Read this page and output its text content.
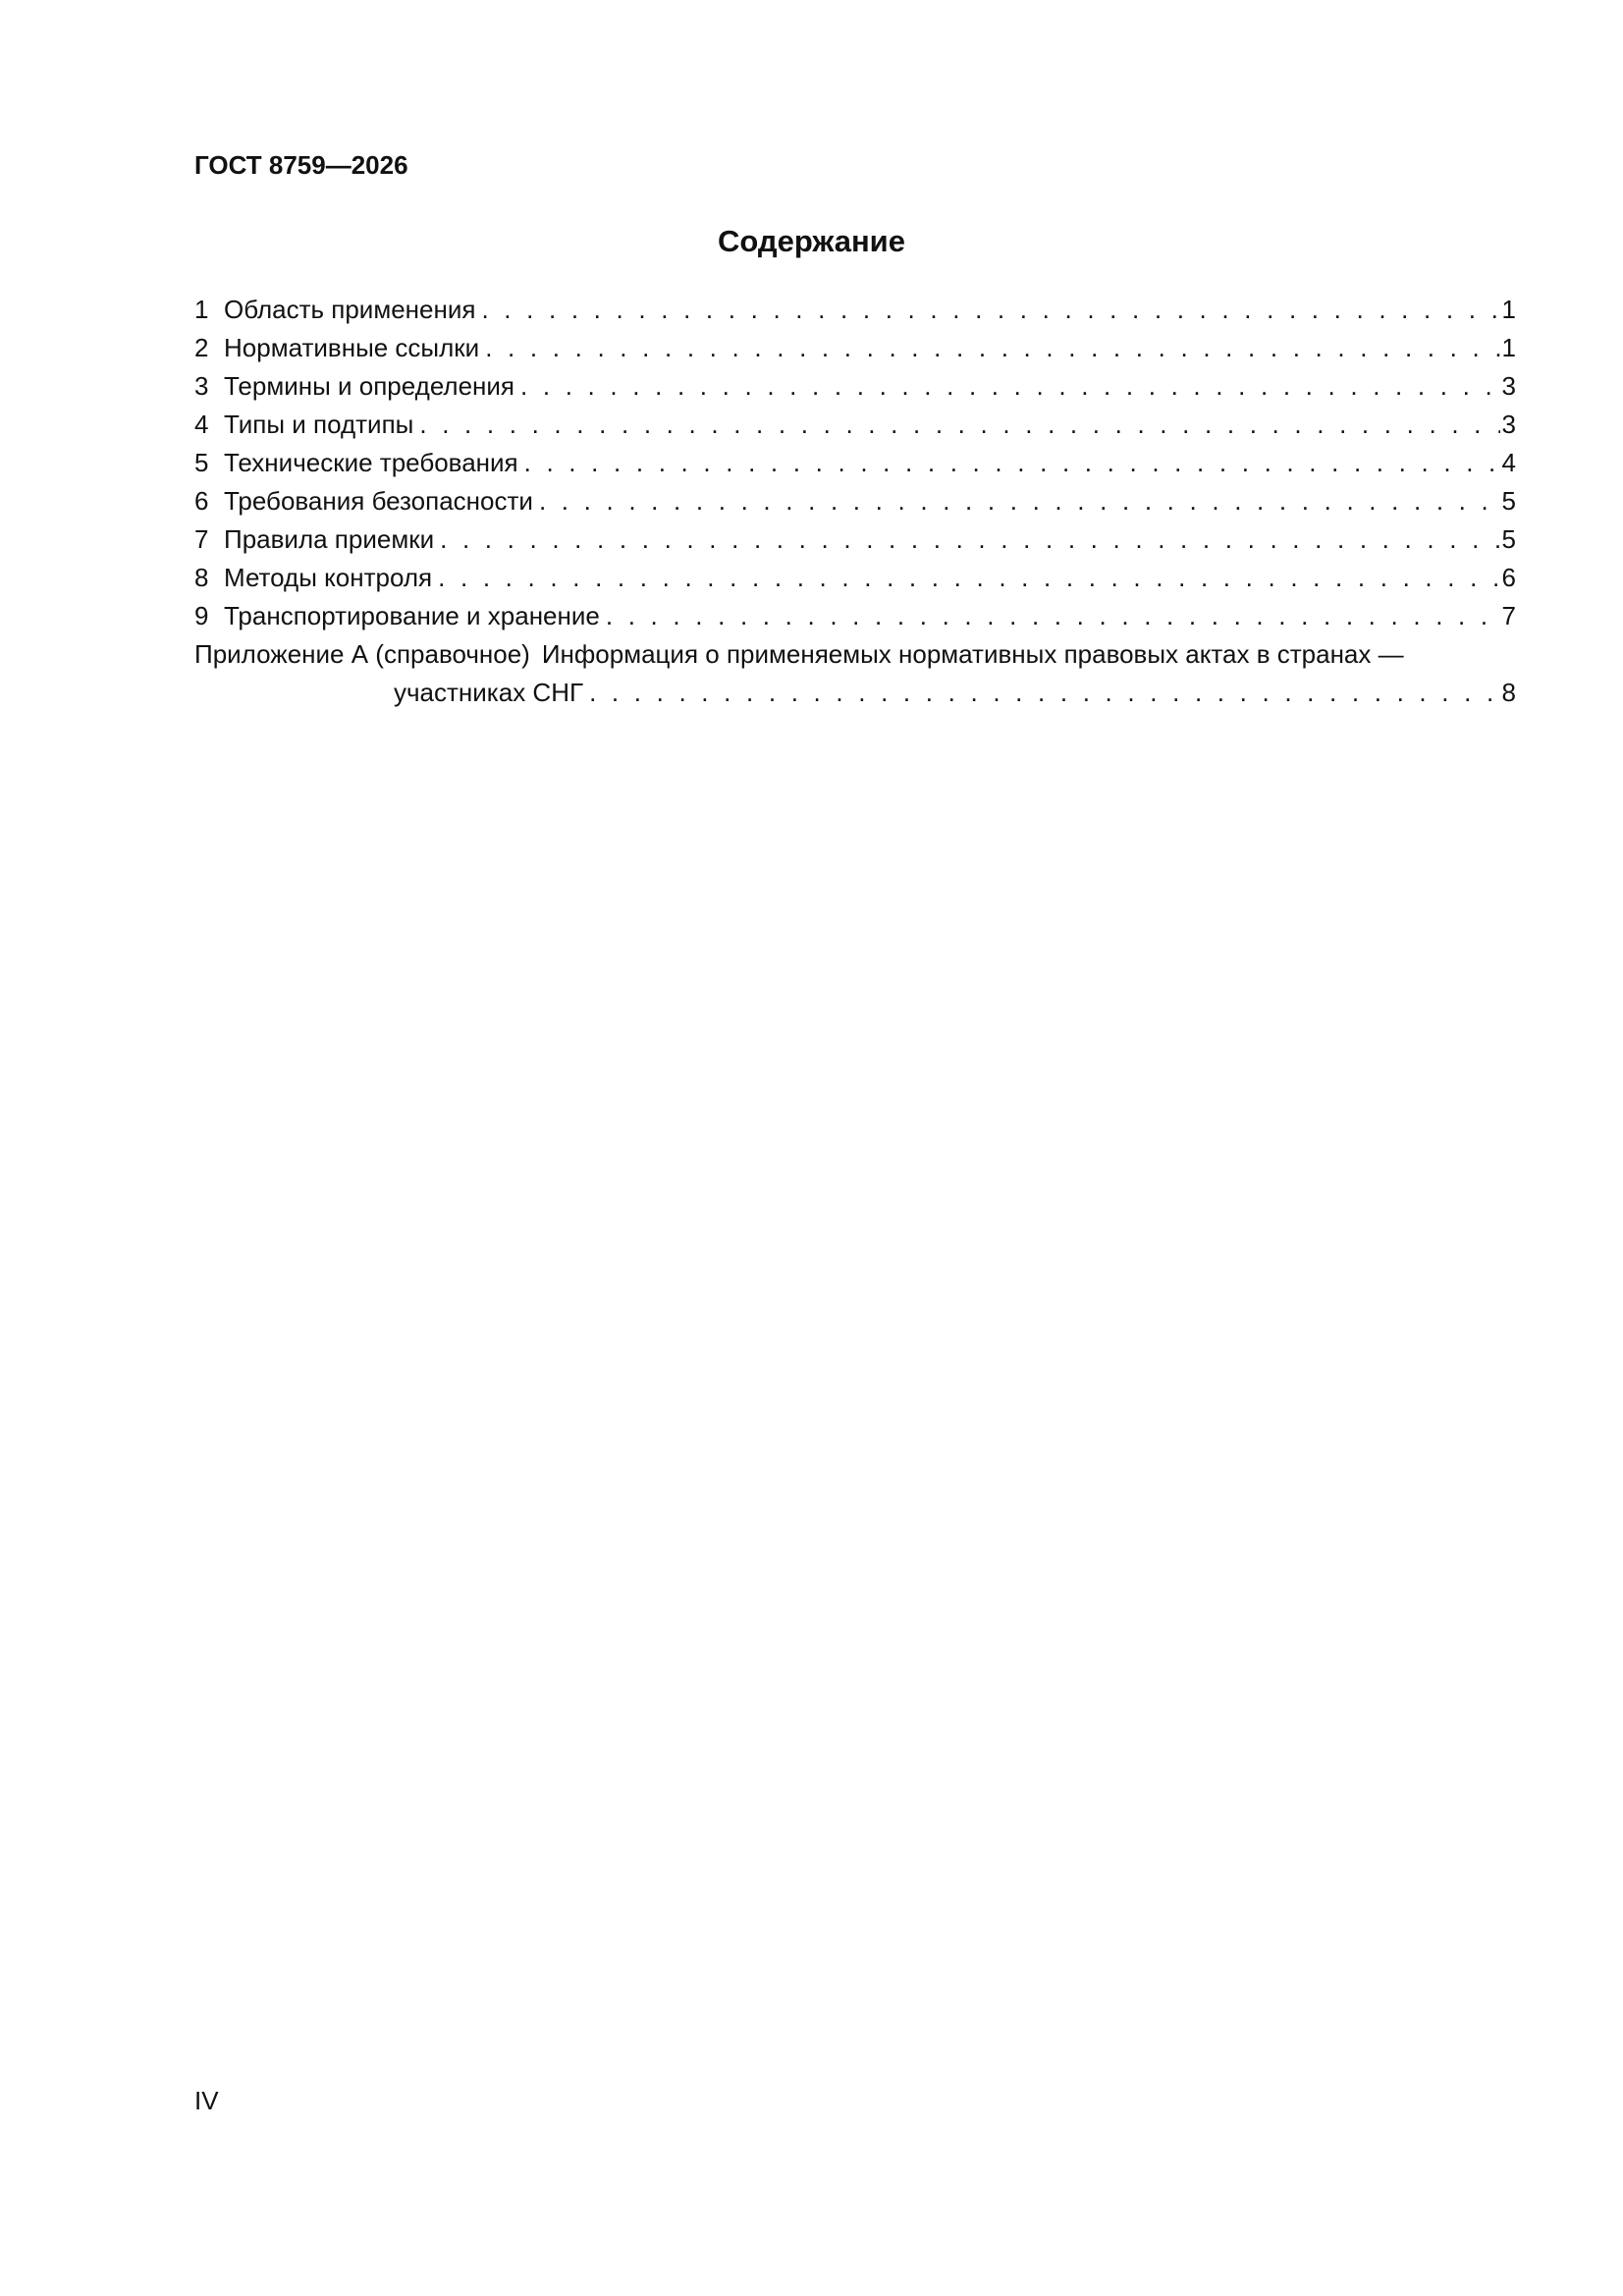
ГОСТ 8759—2026
Содержание
1 Область применения . . .	1
2 Нормативные ссылки . . .	1
3 Термины и определения . . .	3
4 Типы и подтипы . . .	3
5 Технические требования . . .	4
6 Требования безопасности . . .	5
7 Правила приемки . . .	5
8 Методы контроля . . .	6
9 Транспортирование и хранение . . .	7
Приложение А (справочное) Информация о применяемых нормативных правовых актах в странах —
участниках СНГ . . .	8
IV
